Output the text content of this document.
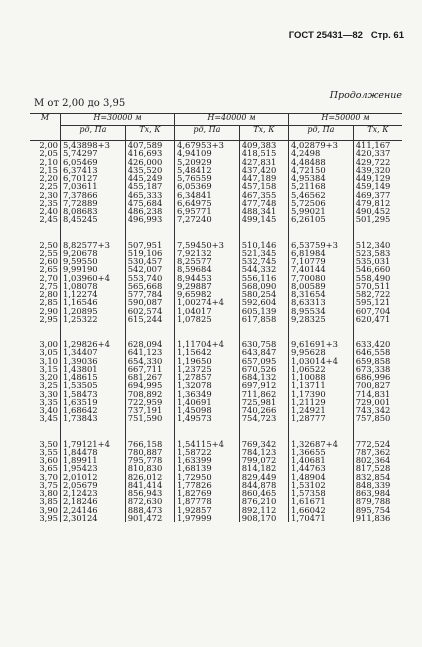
ГОСТ 25431—82 Стр. 61
Продолжение
М от 2,00 до 3,95
М	H=30000 м		H=40000 м		H=50000 м	
	рд, Па	Tх, К	рд, Па	Tх, К	рд, Па	Tх, К
2,00	5,43898+3	407,589	4,67953+3	409,383	4,02879+3	411,167
2,05	5,74297	416,693	4,94109	418,515	4,2498	420,337
2,10	6,05469	426,000	5,20929	427,831	4,48488	429,722
2,15	6,37413	435,520	5,48412	437,420	4,72150	439,320
2,20	6,70127	445,249	5,76559	447,189	4,95384	449,129
2,25	7,03611	455,187	6,05369	457,158	5,21168	459,149
2,30	7,37866	465,333	6,34841	467,355	5,46562	469,377
2,35	7,72889	475,684	6,64975	477,748	5,72506	479,812
2,40	8,08683	486,238	6,95771	488,341	5,99021	490,452
2,45	8,45245	496,993	7,27240	499,145	6,26105	501,295

2,50	8,82577+3	507,951	7,59450+3	510,146	6,53759+3	512,340
2,55	9,20678	519,106	7,92132	521,345	6,81984	523,583
2,60	9,59550	530,457	8,25577	532,745	7,10779	535,031
2,65	9,99190	542,007	8,59684	544,332	7,40144	546,660
2,70	1,03960+4	553,740	8,94453	556,116	7,70080	558,490
2,75	1,08078	565,668	9,29887	568,090	8,00589	570,511
2,80	1,12274	577,784	9,65982	580,254	8,31654	582,722
2,85	1,16546	590,087	1,00274+4	592,604	8,63313	595,121
2,90	1,20895	602,574	1,04017	605,139	8,95534	607,704
2,95	1,25322	615,244	1,07825	617,858	9,28325	620,471

3,00	1,29826+4	628,094	1,11704+4	630,758	9,61691+3	633,420
3,05	1,34407	641,123	1,15642	643,847	9,95628	646,558
3,10	1,39036	654,330	1,19650	657,095	1,03014+4	659,858
3,15	1,43801	667,711	1,23725	670,526	1,06522	673,338
3,20	1,48615	681,267	1,27857	684,132	1,10088	686,996
3,25	1,53505	694,995	1,32078	697,912	1,13711	700,827
3,30	1,58473	708,892	1,36349	711,862	1,17390	714,831
3,35	1,63519	722,959	1,40691	725,981	1,21129	729,001
3,40	1,68642	737,191	1,45098	740,266	1,24921	743,342
3,45	1,73843	751,590	1,49573	754,723	1,28777	757,850

3,50	1,79121+4	766,158	1,54115+4	769,342	1,32687+4	772,524
3,55	1,84478	780,887	1,58722	784,123	1,36655	787,362
3,60	1,89911	795,778	1,63399	799,072	1,40681	802,364
3,65	1,95423	810,830	1,68139	814,182	1,44763	817,528
3,70	2,01012	826,012	1,72950	829,449	1,48904	832,854
3,75	2,05679	841,414	1,77826	844,878	1,53102	848,339
3,80	2,12423	856,943	1,82769	860,465	1,57358	863,984
3,85	2,18246	872,630	1,87778	876,210	1,61671	879,788
3,90	2,24146	888,473	1,92857	892,112	1,66042	895,754
3,95	2,30124	901,472	1,97999	908,170	1,70471	911,836
